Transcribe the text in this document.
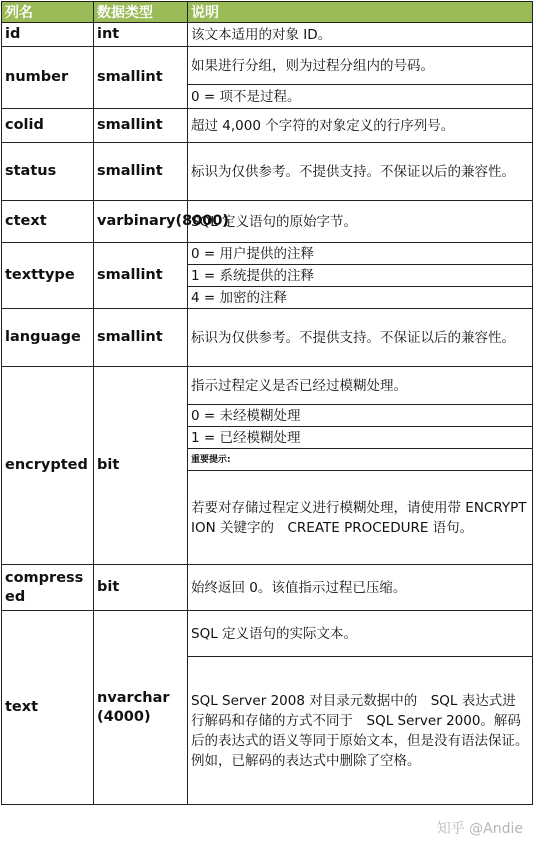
列名	数据类型	说明
id	int	该文本适用的对象 ID。
number	smallint	如果进行分组，则为过程分组内的号码。
		0 = 项不是过程。
colid	smallint	超过 4,000 个字符的对象定义的行序列号。
status	smallint	标识为仅供参考。不提供支持。不保证以后的兼容性。
ctext	varbinary(8000)	SQL 定义语句的原始字节。
texttype	smallint	0 = 用户提供的注释
		1 = 系统提供的注释
		4 = 加密的注释
language	smallint	标识为仅供参考。不提供支持。不保证以后的兼容性。
encrypted	bit	指示过程定义是否已经过模糊处理。
		0 = 未经模糊处理
		1 = 已经模糊处理
		重要提示:
		若要对存储过程定义进行模糊处理，请使用带 ENCRYPTION 关键字的　CREATE PROCEDURE 语句。
compressed	bit	始终返回 0。该值指示过程已压缩。
text	nvarchar(4000)	SQL 定义语句的实际文本。
		SQL Server 2008 对目录元数据中的　SQL 表达式进行解码和存储的方式不同于　SQL Server 2000。解码后的表达式的语义等同于原始文本，但是没有语法保证。例如，已解码的表达式中删除了空格。
知乎 @Andie
